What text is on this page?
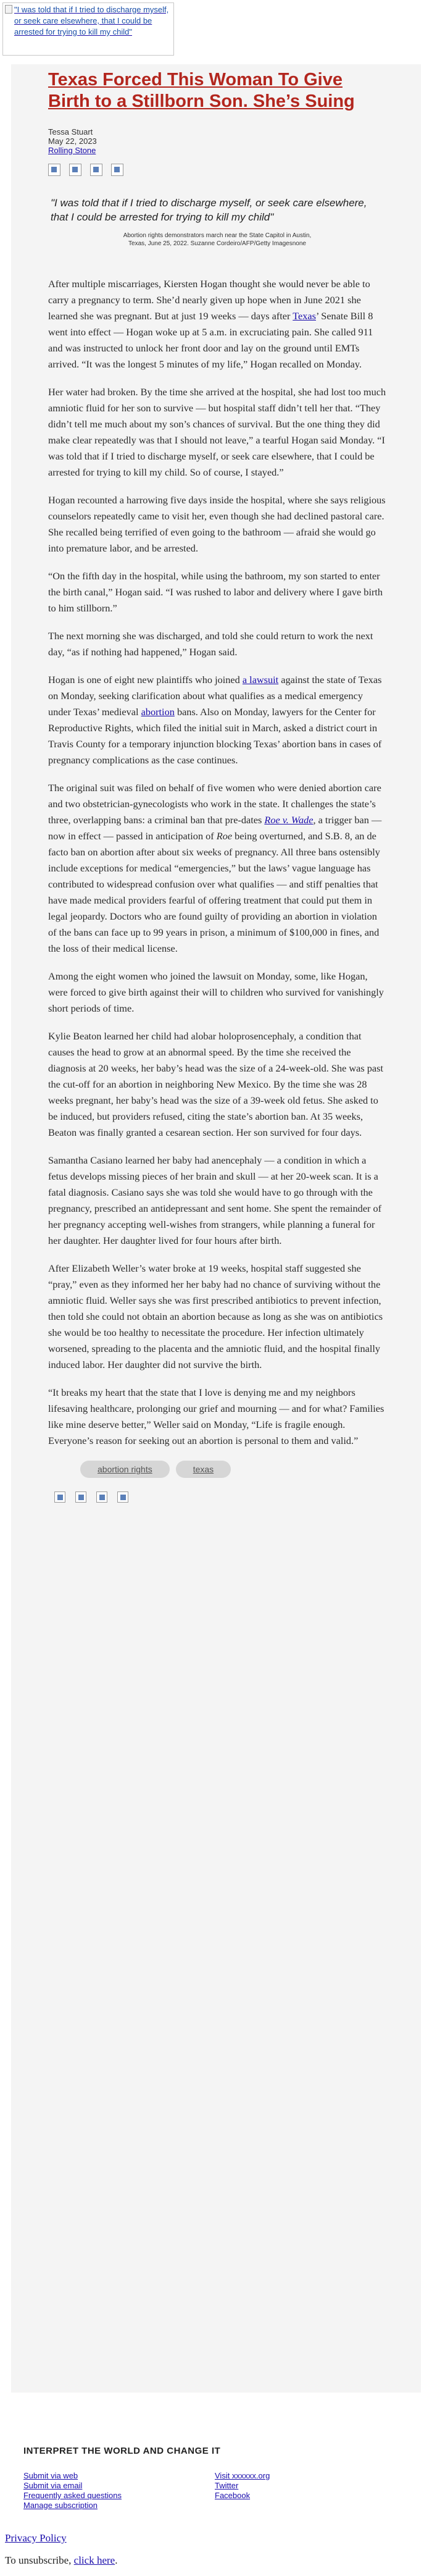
"I was told that if I tried to discharge myself, or seek care elsewhere, that I could be arrested for trying to kill my child"
Texas Forced This Woman To Give Birth to a Stillborn Son. She’s Suing
Tessa Stuart
May 22, 2023
Rolling Stone
"I was told that if I tried to discharge myself, or seek care elsewhere, that I could be arrested for trying to kill my child"
Abortion rights demonstrators march near the State Capitol in Austin, Texas, June 25, 2022. Suzanne Cordeiro/AFP/Getty Imagesnone

After multiple miscarriages, Kiersten Hogan thought she would never be able to carry a pregnancy to term. She’d nearly given up hope when in June 2021 she learned she was pregnant. But at just 19 weeks — days after Texas’ Senate Bill 8 went into effect — Hogan woke up at 5 a.m. in excruciating pain. She called 911 and was instructed to unlock her front door and lay on the ground until EMTs arrived. “It was the longest 5 minutes of my life,” Hogan recalled on Monday.

Her water had broken. By the time she arrived at the hospital, she had lost too much amniotic fluid for her son to survive — but hospital staff didn’t tell her that. “They didn’t tell me much about my son’s chances of survival. But the one thing they did make clear repeatedly was that I should not leave,” a tearful Hogan said Monday. “I was told that if I tried to discharge myself, or seek care elsewhere, that I could be arrested for trying to kill my child. So of course, I stayed.”

Hogan recounted a harrowing five days inside the hospital, where she says religious counselors repeatedly came to visit her, even though she had declined pastoral care. She recalled being terrified of even going to the bathroom — afraid she would go into premature labor, and be arrested.

“On the fifth day in the hospital, while using the bathroom, my son started to enter the birth canal,” Hogan said. “I was rushed to labor and delivery where I gave birth to him stillborn.”

The next morning she was discharged, and told she could return to work the next day, “as if nothing had happened,” Hogan said.

Hogan is one of eight new plaintiffs who joined a lawsuit against the state of Texas on Monday, seeking clarification about what qualifies as a medical emergency under Texas’ medieval abortion bans. Also on Monday, lawyers for the Center for Reproductive Rights, which filed the initial suit in March, asked a district court in Travis County for a temporary injunction blocking Texas’ abortion bans in cases of pregnancy complications as the case continues.

The original suit was filed on behalf of five women who were denied abortion care and two obstetrician-gynecologists who work in the state. It challenges the state’s three, overlapping bans: a criminal ban that pre-dates Roe v. Wade, a trigger ban — now in effect — passed in anticipation of Roe being overturned, and S.B. 8, an de facto ban on abortion after about six weeks of pregnancy. All three bans ostensibly include exceptions for medical “emergencies,” but the laws’ vague language has contributed to widespread confusion over what qualifies — and stiff penalties that have made medical providers fearful of offering treatment that could put them in legal jeopardy. Doctors who are found guilty of providing an abortion in violation of the bans can face up to 99 years in prison, a minimum of $100,000 in fines, and the loss of their medical license.

Among the eight women who joined the lawsuit on Monday, some, like Hogan, were forced to give birth against their will to children who survived for vanishingly short periods of time.

Kylie Beaton learned her child had alobar holoprosencephaly, a condition that causes the head to grow at an abnormal speed. By the time she received the diagnosis at 20 weeks, her baby’s head was the size of a 24-week-old. She was past the cut-off for an abortion in neighboring New Mexico. By the time she was 28 weeks pregnant, her baby’s head was the size of a 39-week old fetus. She asked to be induced, but providers refused, citing the state’s abortion ban. At 35 weeks, Beaton was finally granted a cesarean section. Her son survived for four days.

Samantha Casiano learned her baby had anencephaly — a condition in which a fetus develops missing pieces of her brain and skull — at her 20-week scan. It is a fatal diagnosis. Casiano says she was told she would have to go through with the pregnancy, prescribed an antidepressant and sent home. She spent the remainder of her pregnancy accepting well-wishes from strangers, while planning a funeral for her daughter. Her daughter lived for four hours after birth.

After Elizabeth Weller’s water broke at 19 weeks, hospital staff suggested she “pray,” even as they informed her her baby had no chance of surviving without the amniotic fluid. Weller says she was first prescribed antibiotics to prevent infection, then told she could not obtain an abortion because as long as she was on antibiotics she would be too healthy to necessitate the procedure. Her infection ultimately worsened, spreading to the placenta and the amniotic fluid, and the hospital finally induced labor. Her daughter did not survive the birth.

“It breaks my heart that the state that I love is denying me and my neighbors lifesaving healthcare, prolonging our grief and mourning — and for what? Families like mine deserve better,” Weller said on Monday, “Life is fragile enough. Everyone’s reason for seeking out an abortion is personal to them and valid.”

abortion rights	texas
INTERPRET THE WORLD AND CHANGE IT
Submit via web
Submit via email
Frequently asked questions
Manage subscription
Visit xxxxxx.org
Twitter
Facebook
Privacy Policy
To unsubscribe, click here.
